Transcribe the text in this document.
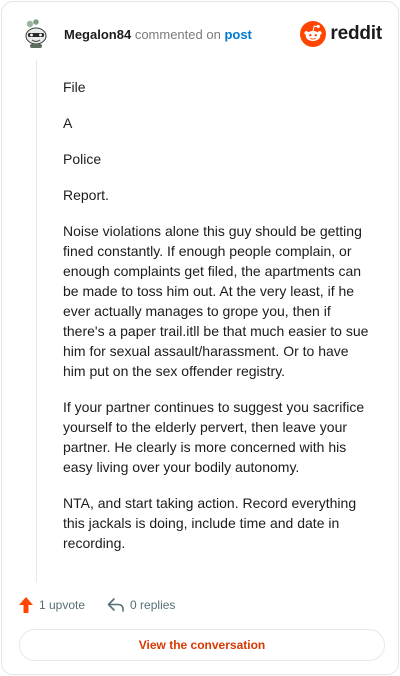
Megalon84 commented on post	reddit

File

A

Police

Report.

Noise violations alone this guy should be getting fined constantly. If enough people complain, or enough complaints get filed, the apartments can be made to toss him out. At the very least, if he ever actually manages to grope you, then if there's a paper trail.itll be that much easier to sue him for sexual assault/harassment. Or to have him put on the sex offender registry.

If your partner continues to suggest you sacrifice yourself to the elderly pervert, then leave your partner. He clearly is more concerned with his easy living over your bodily autonomy.

NTA, and start taking action. Record everything this jackals is doing, include time and date in recording.

1 upvote	0 replies
View the conversation
